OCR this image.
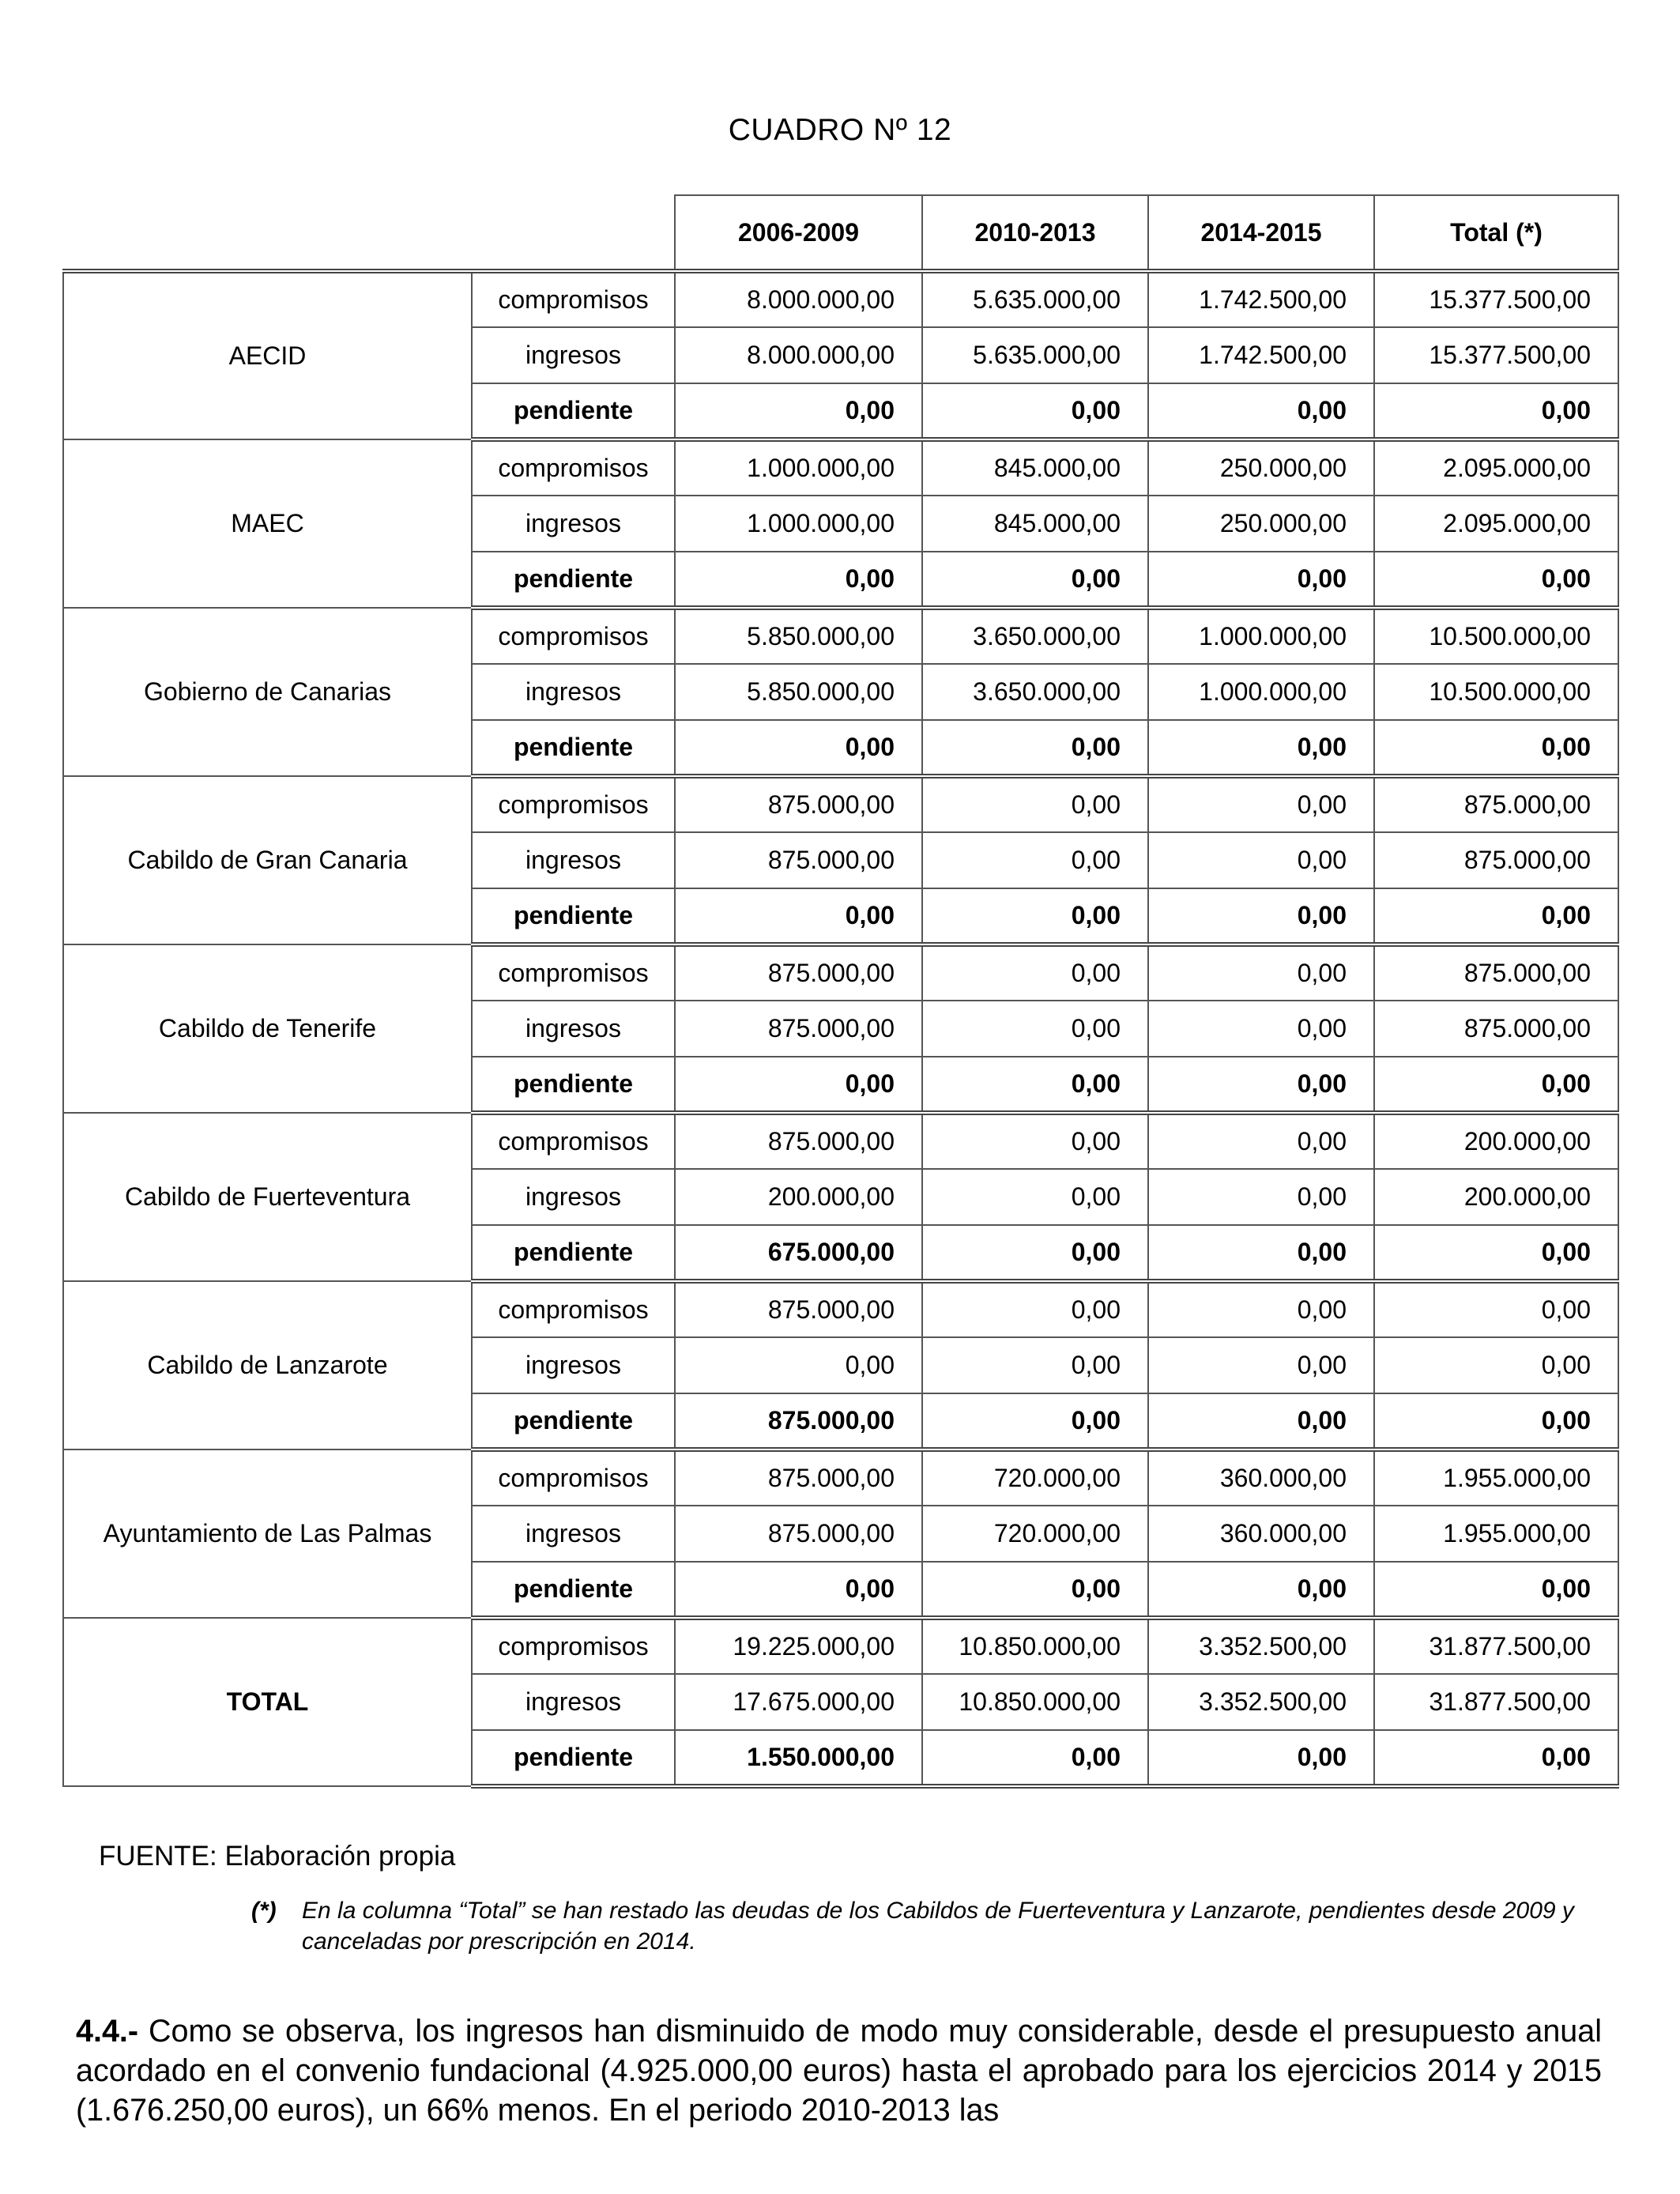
CUADRO Nº 12
		2006-2009	2010-2013	2014-2015	Total (*)
AECID	compromisos	8.000.000,00	5.635.000,00	1.742.500,00	15.377.500,00
	ingresos	8.000.000,00	5.635.000,00	1.742.500,00	15.377.500,00
	pendiente	0,00	0,00	0,00	0,00
MAEC	compromisos	1.000.000,00	845.000,00	250.000,00	2.095.000,00
	ingresos	1.000.000,00	845.000,00	250.000,00	2.095.000,00
	pendiente	0,00	0,00	0,00	0,00
Gobierno de Canarias	compromisos	5.850.000,00	3.650.000,00	1.000.000,00	10.500.000,00
	ingresos	5.850.000,00	3.650.000,00	1.000.000,00	10.500.000,00
	pendiente	0,00	0,00	0,00	0,00
Cabildo de Gran Canaria	compromisos	875.000,00	0,00	0,00	875.000,00
	ingresos	875.000,00	0,00	0,00	875.000,00
	pendiente	0,00	0,00	0,00	0,00
Cabildo de Tenerife	compromisos	875.000,00	0,00	0,00	875.000,00
	ingresos	875.000,00	0,00	0,00	875.000,00
	pendiente	0,00	0,00	0,00	0,00
Cabildo de Fuerteventura	compromisos	875.000,00	0,00	0,00	200.000,00
	ingresos	200.000,00	0,00	0,00	200.000,00
	pendiente	675.000,00	0,00	0,00	0,00
Cabildo de Lanzarote	compromisos	875.000,00	0,00	0,00	0,00
	ingresos	0,00	0,00	0,00	0,00
	pendiente	875.000,00	0,00	0,00	0,00
Ayuntamiento de Las Palmas	compromisos	875.000,00	720.000,00	360.000,00	1.955.000,00
	ingresos	875.000,00	720.000,00	360.000,00	1.955.000,00
	pendiente	0,00	0,00	0,00	0,00
TOTAL	compromisos	19.225.000,00	10.850.000,00	3.352.500,00	31.877.500,00
	ingresos	17.675.000,00	10.850.000,00	3.352.500,00	31.877.500,00
	pendiente	1.550.000,00	0,00	0,00	0,00
FUENTE: Elaboración propia
(*) En la columna “Total” se han restado las deudas de los Cabildos de Fuerteventura y Lanzarote, pendientes desde 2009 y canceladas por prescripción en 2014.
4.4.- Como se observa, los ingresos han disminuido de modo muy considerable, desde el presupuesto anual acordado en el convenio fundacional (4.925.000,00 euros) hasta el aprobado para los ejercicios 2014 y 2015 (1.676.250,00 euros), un 66% menos. En el periodo 2010-2013 las
